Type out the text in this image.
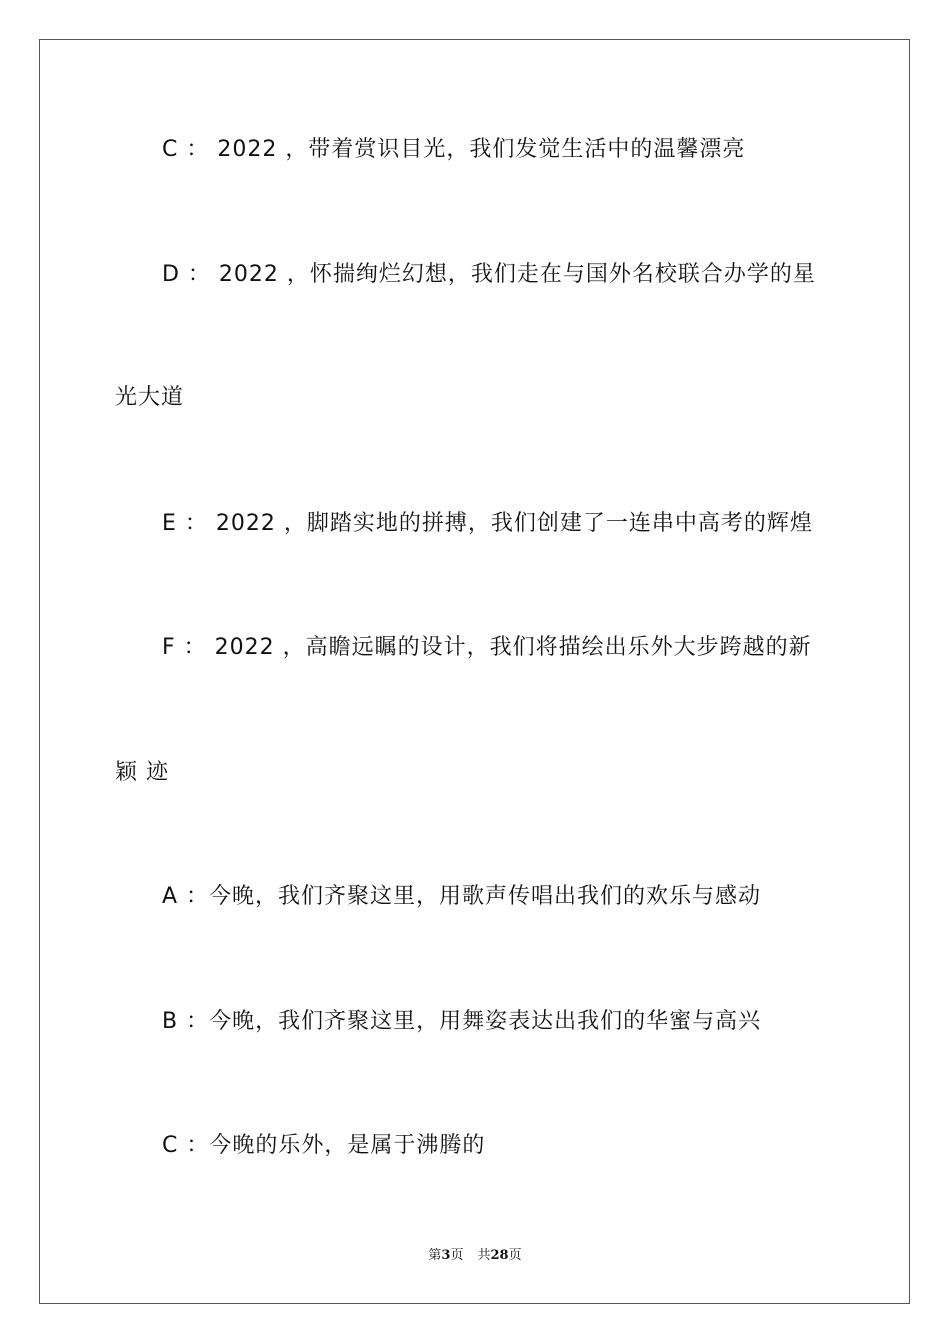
C ： 2022 ，带着赏识目光，我们发觉生活中的温馨漂亮
D ： 2022 ，怀揣绚烂幻想，我们走在与国外名校联合办学的星
光大道
E ： 2022 ，脚踏实地的拼搏，我们创建了一连串中高考的辉煌
F ： 2022 ，高瞻远瞩的设计，我们将描绘出乐外大步跨越的新
颖 迹
A ：今晚，我们齐聚这里，用歌声传唱出我们的欢乐与感动
B ：今晚，我们齐聚这里，用舞姿表达出我们的华蜜与高兴
C ：今晚的乐外，是属于沸腾的
第3页 共28页
